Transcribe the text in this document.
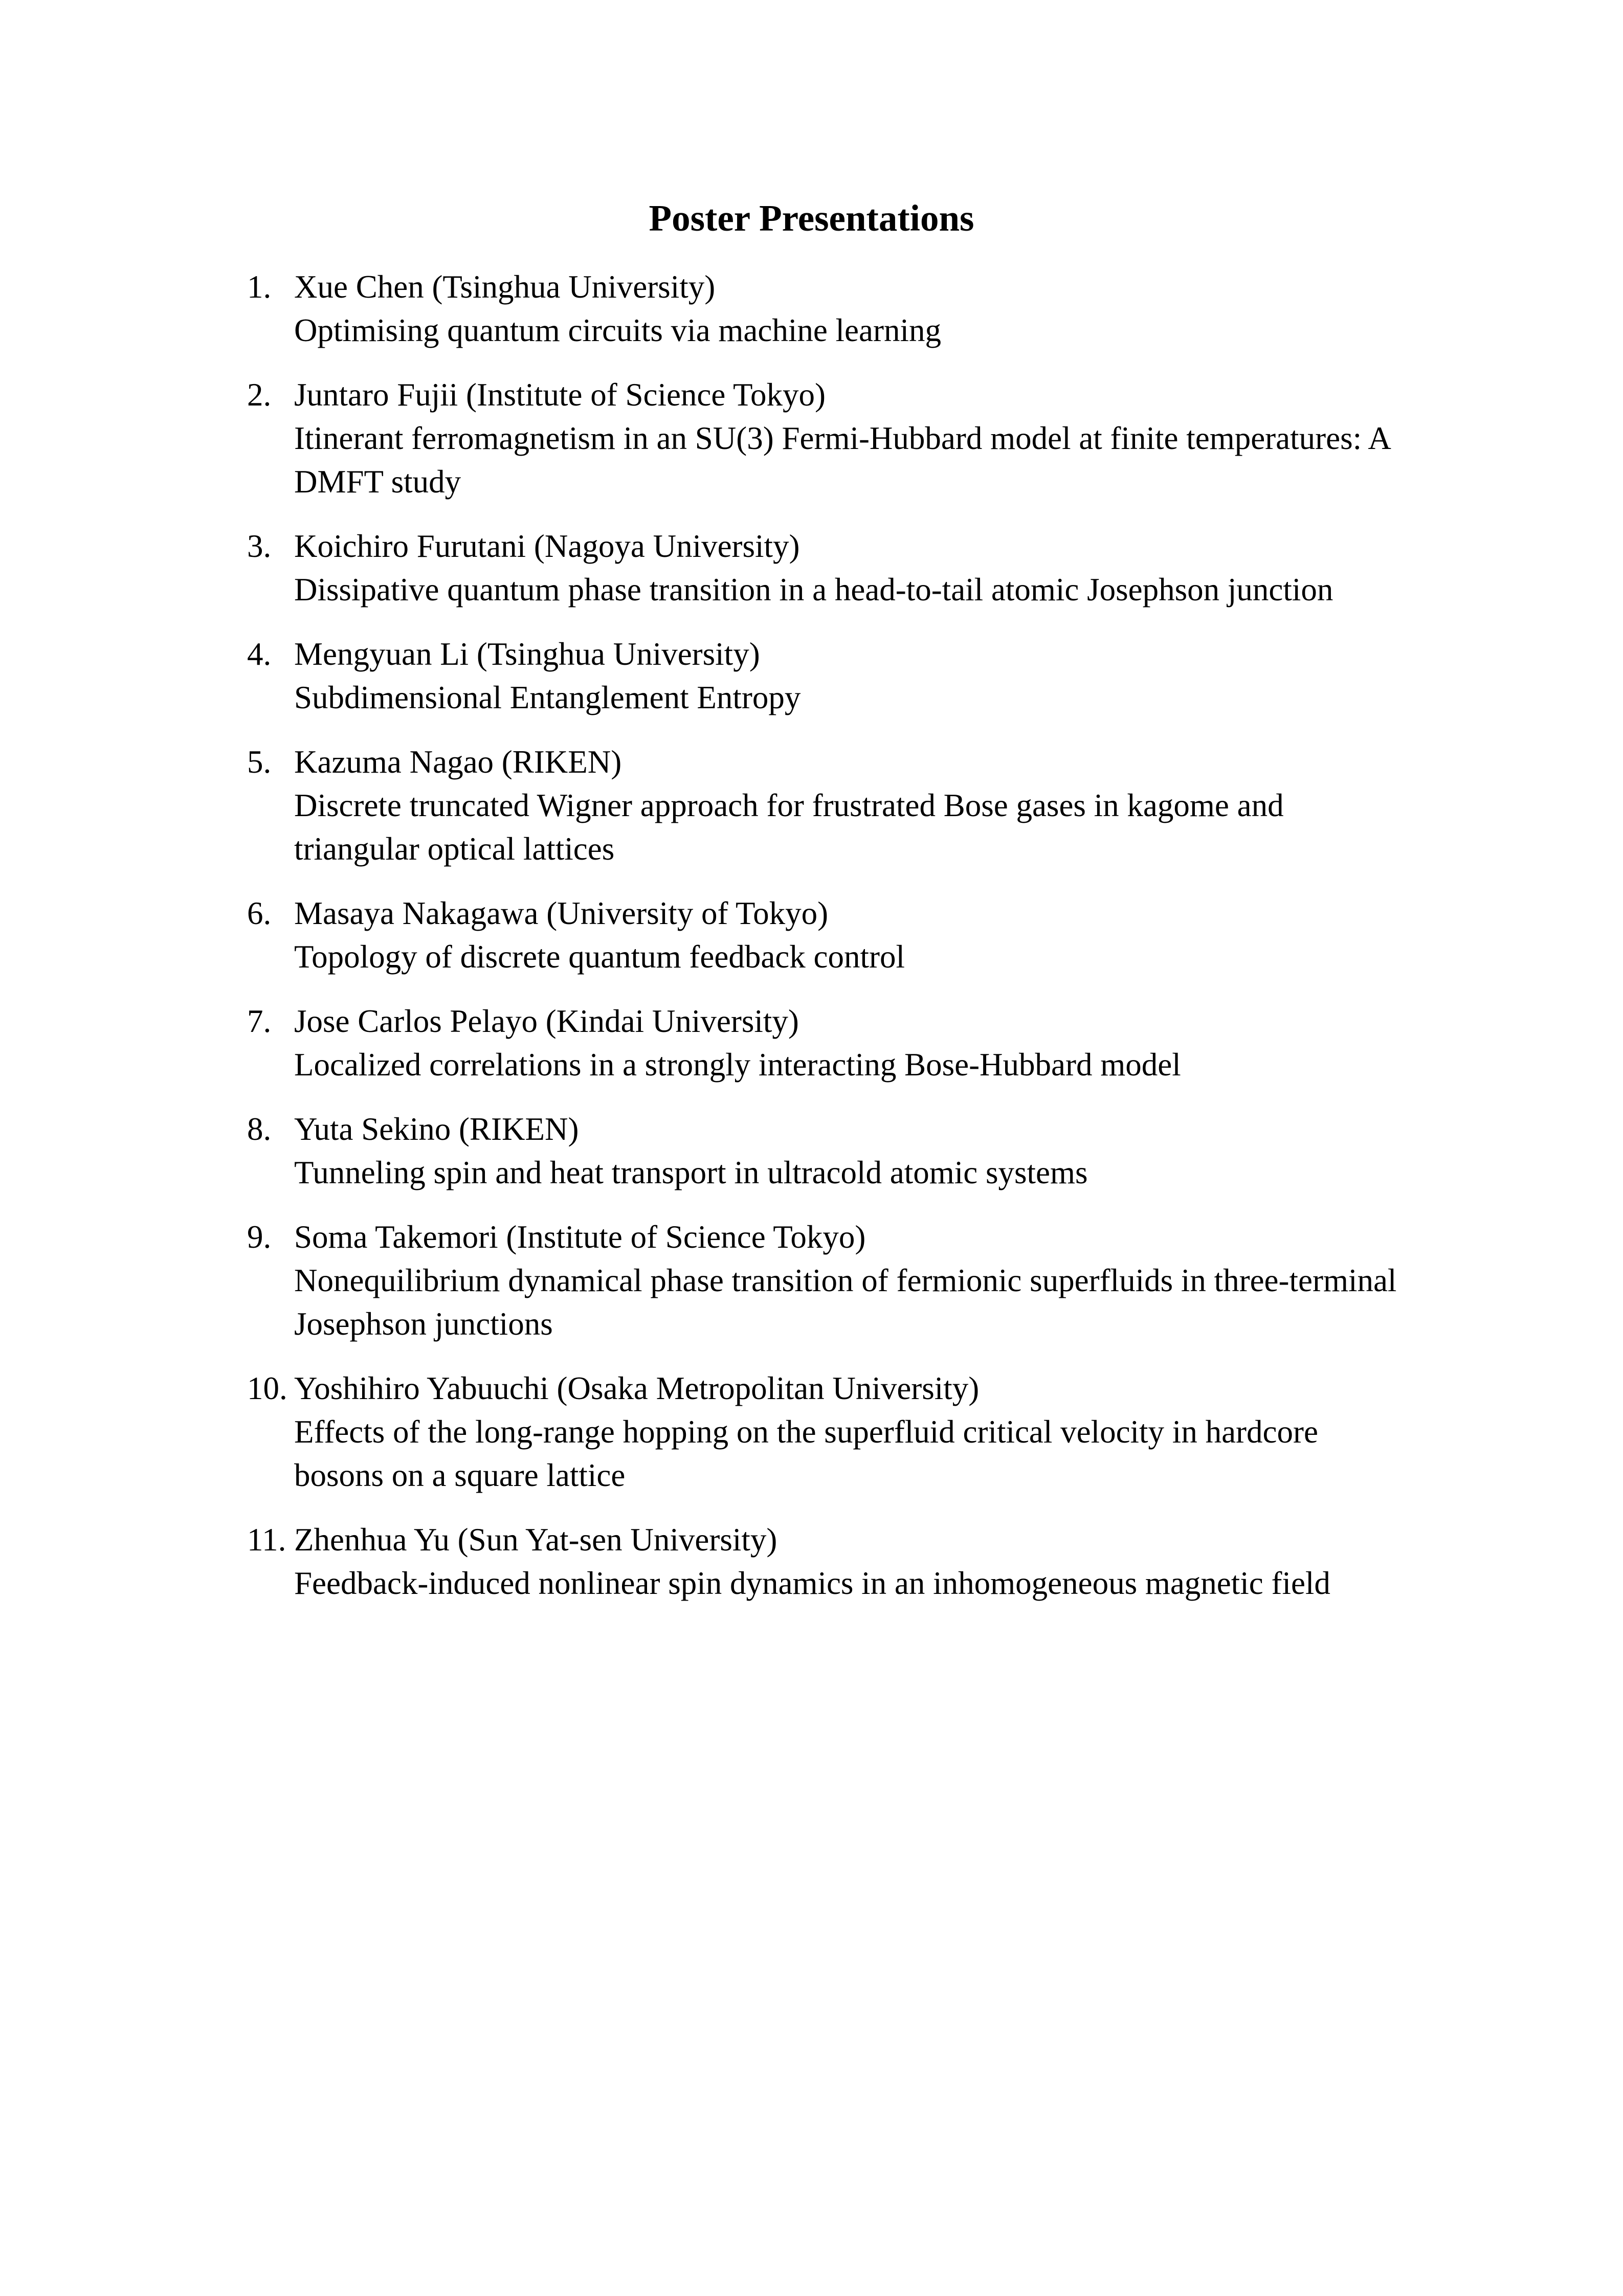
Poster Presentations
1. Xue Chen (Tsinghua University)
Optimising quantum circuits via machine learning
2. Juntaro Fujii (Institute of Science Tokyo)
Itinerant ferromagnetism in an SU(3) Fermi-Hubbard model at finite temperatures: A
DMFT study
3. Koichiro Furutani (Nagoya University)
Dissipative quantum phase transition in a head-to-tail atomic Josephson junction
4. Mengyuan Li (Tsinghua University)
Subdimensional Entanglement Entropy
5. Kazuma Nagao (RIKEN)
Discrete truncated Wigner approach for frustrated Bose gases in kagome and
triangular optical lattices
6. Masaya Nakagawa (University of Tokyo)
Topology of discrete quantum feedback control
7. Jose Carlos Pelayo (Kindai University)
Localized correlations in a strongly interacting Bose-Hubbard model
8. Yuta Sekino (RIKEN)
Tunneling spin and heat transport in ultracold atomic systems
9. Soma Takemori (Institute of Science Tokyo)
Nonequilibrium dynamical phase transition of fermionic superfluids in three-terminal
Josephson junctions
10. Yoshihiro Yabuuchi (Osaka Metropolitan University)
Effects of the long-range hopping on the superfluid critical velocity in hardcore
bosons on a square lattice
11. Zhenhua Yu (Sun Yat-sen University)
Feedback-induced nonlinear spin dynamics in an inhomogeneous magnetic field
